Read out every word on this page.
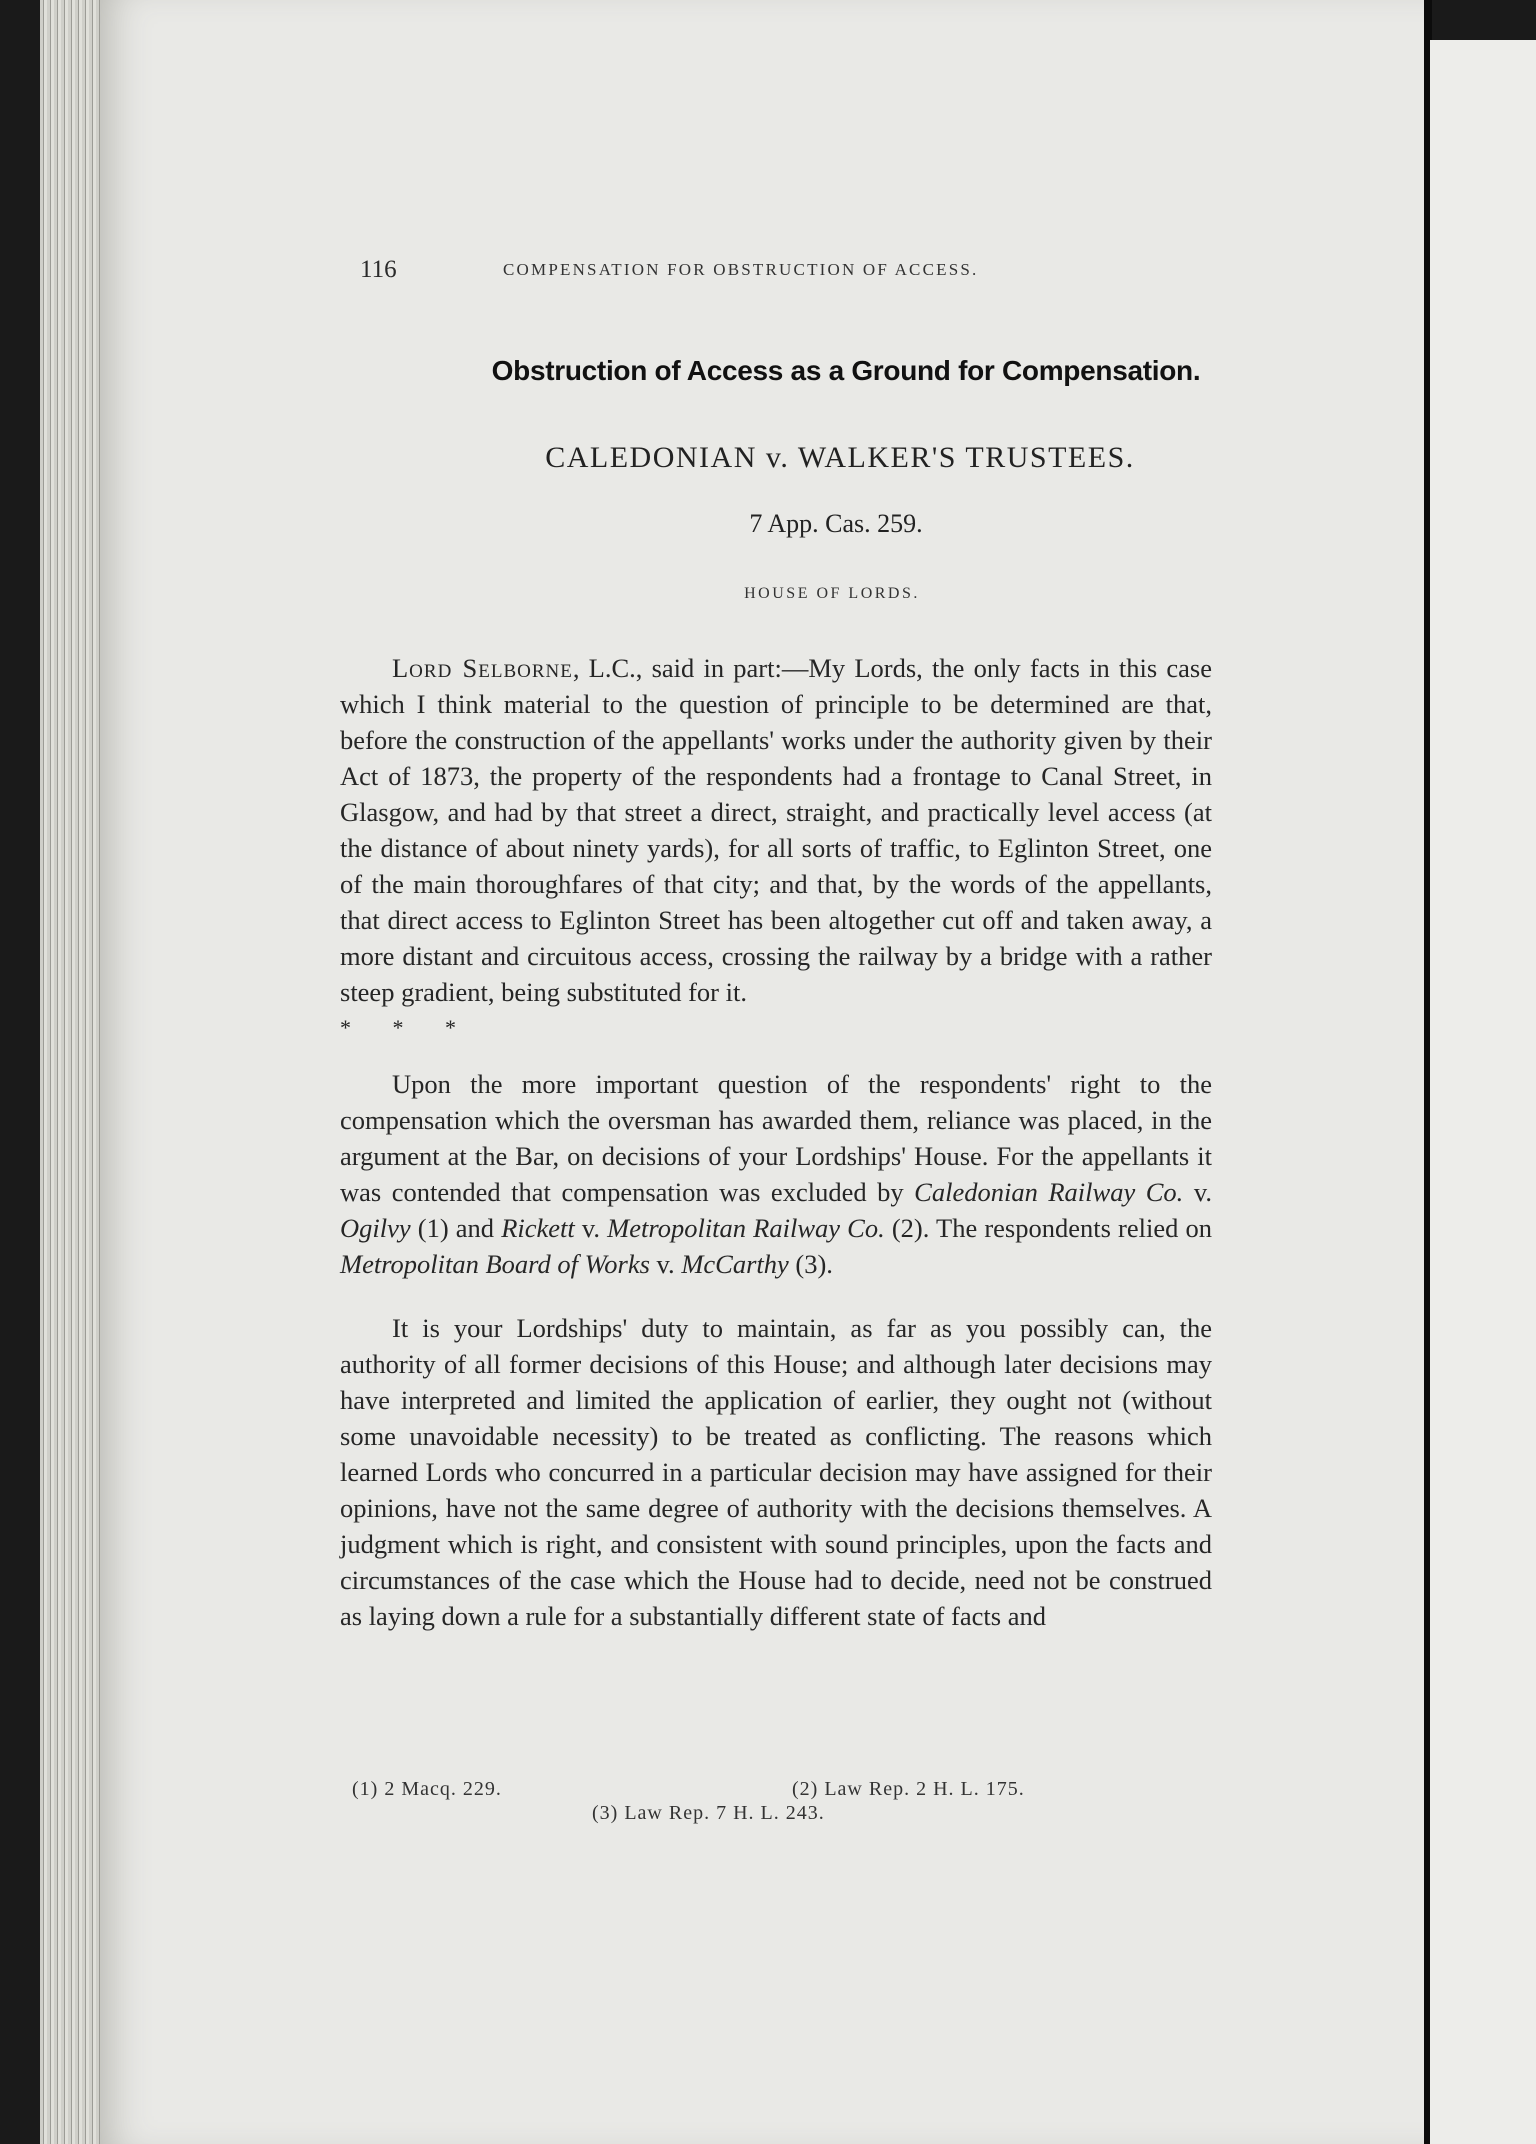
116	COMPENSATION FOR OBSTRUCTION OF ACCESS.
Obstruction of Access as a Ground for Compensation.
CALEDONIAN v. WALKER'S TRUSTEES.
7 App. Cas. 259.
HOUSE OF LORDS.

Lord Selborne, L.C., said in part:—My Lords, the only facts in this case which I think material to the question of principle to be determined are that, before the construction of the appellants' works under the authority given by their Act of 1873, the property of the respondents had a frontage to Canal Street, in Glasgow, and had by that street a direct, straight, and practically level access (at the distance of about ninety yards), for all sorts of traffic, to Eglinton Street, one of the main thoroughfares of that city; and that, by the words of the appellants, that direct access to Eglinton Street has been altogether cut off and taken away, a more distant and circuitous access, crossing the railway by a bridge with a rather steep gradient, being substituted for it.

* * *

Upon the more important question of the respondents' right to the compensation which the oversman has awarded them, reliance was placed, in the argument at the Bar, on decisions of your Lordships' House. For the appellants it was contended that compensation was excluded by Caledonian Railway Co. v. Ogilvy (1) and Rickett v. Metropolitan Railway Co. (2). The respondents relied on Metropolitan Board of Works v. McCarthy (3).

It is your Lordships' duty to maintain, as far as you possibly can, the authority of all former decisions of this House; and although later decisions may have interpreted and limited the application of earlier, they ought not (without some unavoidable necessity) to be treated as conflicting. The reasons which learned Lords who concurred in a particular decision may have assigned for their opinions, have not the same degree of authority with the decisions themselves. A judgment which is right, and consistent with sound principles, upon the facts and circumstances of the case which the House had to decide, need not be construed as laying down a rule for a substantially different state of facts and

(1) 2 Macq. 229.	(2) Law Rep. 2 H. L. 175.
(3) Law Rep. 7 H. L. 243.
